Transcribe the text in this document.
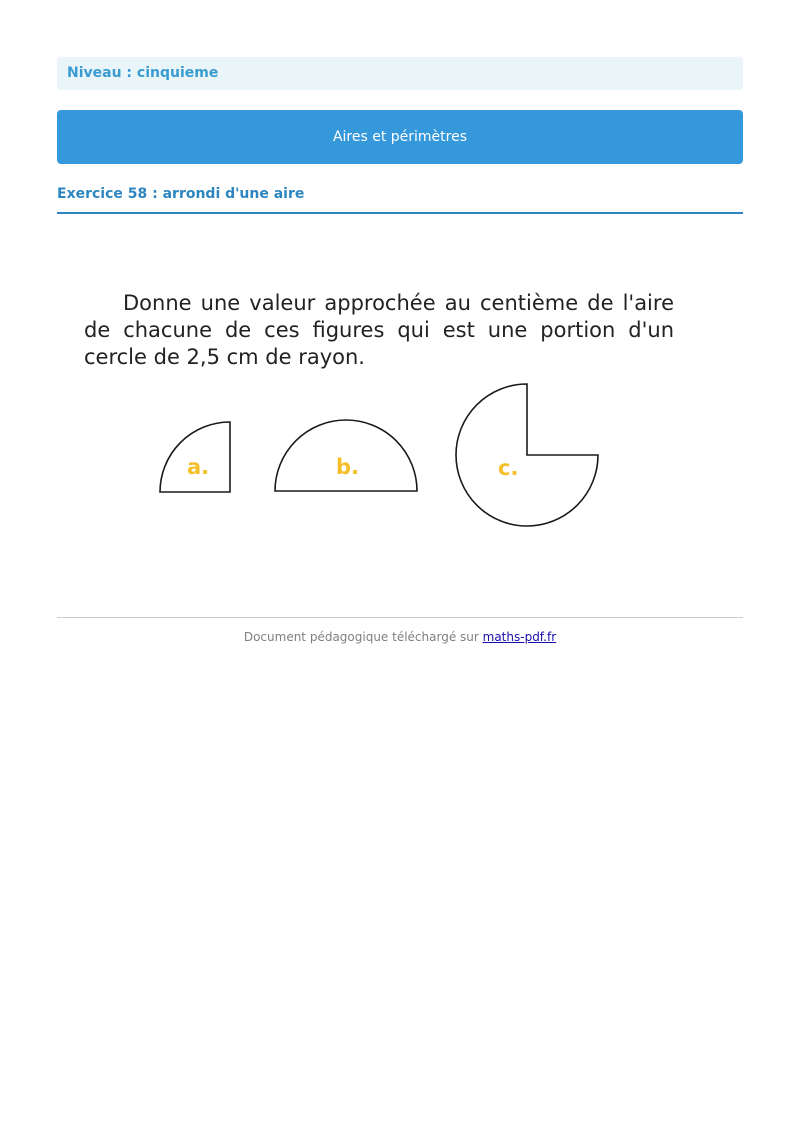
Niveau : cinquieme
Aires et périmètres
Exercice 58 : arrondi d'une aire
Donne une valeur approchée au centième de l'aire de chacune de ces figures qui est une portion d'un cercle de 2,5 cm de rayon.
a.	b.	c.
Document pédagogique téléchargé sur maths-pdf.fr
